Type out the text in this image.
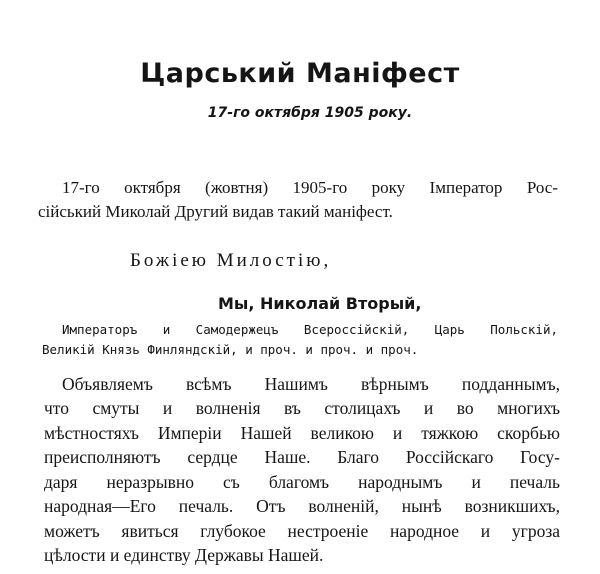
Царський Маніфест
17-го октября 1905 року.
17-го октября (жовтня) 1905-го року Імператор Рос-
сійський Миколай Другий видав такий маніфест.
Божіею Милостію,
Мы, Николай Вторый,
Императоръ и Самодержецъ Всероссійскій, Царь Польскій,
Великій Князь Финляндскій, и проч. и проч. и проч.
Объявляемъ всѣмъ Нашимъ вѣрнымъ подданнымъ,
что смуты и волненія въ столицахъ и во многихъ
мѣстностяхъ Имперіи Нашей великою и тяжкою скорбью
преисполняютъ сердце Наше. Благо Россійскаго Госу-
даря неразрывно съ благомъ народнымъ и печаль
народная—Его печаль. Отъ волненій, нынѣ возникшихъ,
можетъ явиться глубокое нестроеніе народное и угроза
цѣлости и единству Державы Нашей.
